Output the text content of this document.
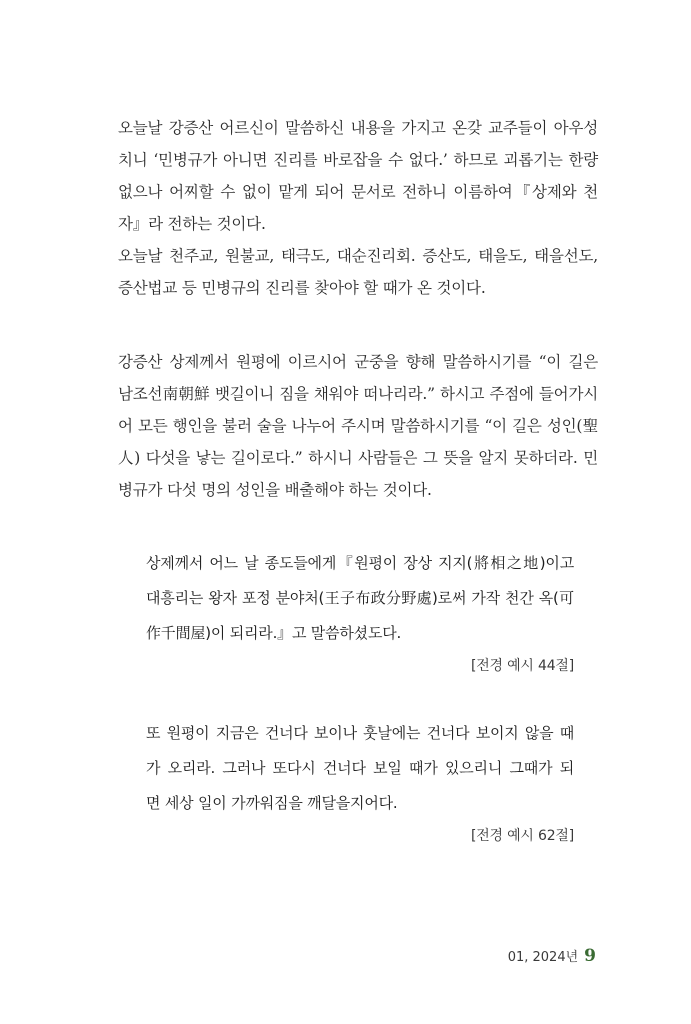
오늘날 강증산 어르신이 말씀하신 내용을 가지고 온갖 교주들이 아우성
치니 ‘민병규가 아니면 진리를 바로잡을 수 없다.’ 하므로 괴롭기는 한량
없으나 어찌할 수 없이 맡게 되어 문서로 전하니 이름하여『상제와 천
자』라 전하는 것이다.
오늘날 천주교, 원불교, 태극도, 대순진리회. 증산도, 태을도, 태을선도,
증산법교 등 민병규의 진리를 찾아야 할 때가 온 것이다.
강증산 상제께서 원평에 이르시어 군중을 향해 말씀하시기를 “이 길은
남조선南朝鮮 뱃길이니 짐을 채워야 떠나리라.” 하시고 주점에 들어가시
어 모든 행인을 불러 술을 나누어 주시며 말씀하시기를 “이 길은 성인(聖
人) 다섯을 낳는 길이로다.” 하시니 사람들은 그 뜻을 알지 못하더라. 민
병규가 다섯 명의 성인을 배출해야 하는 것이다.
상제께서 어느 날 종도들에게『원평이 장상 지지(將相之地)이고
대흥리는 왕자 포정 분야처(王子布政分野處)로써 가작 천간 옥(可
作千間屋)이 되리라.』고 말씀하셨도다.
[전경 예시 44절]
또 원평이 지금은 건너다 보이나 훗날에는 건너다 보이지 않을 때
가 오리라. 그러나 또다시 건너다 보일 때가 있으리니 그때가 되
면 세상 일이 가까워짐을 깨달을지어다.
[전경 예시 62절]
01, 2024년 9
